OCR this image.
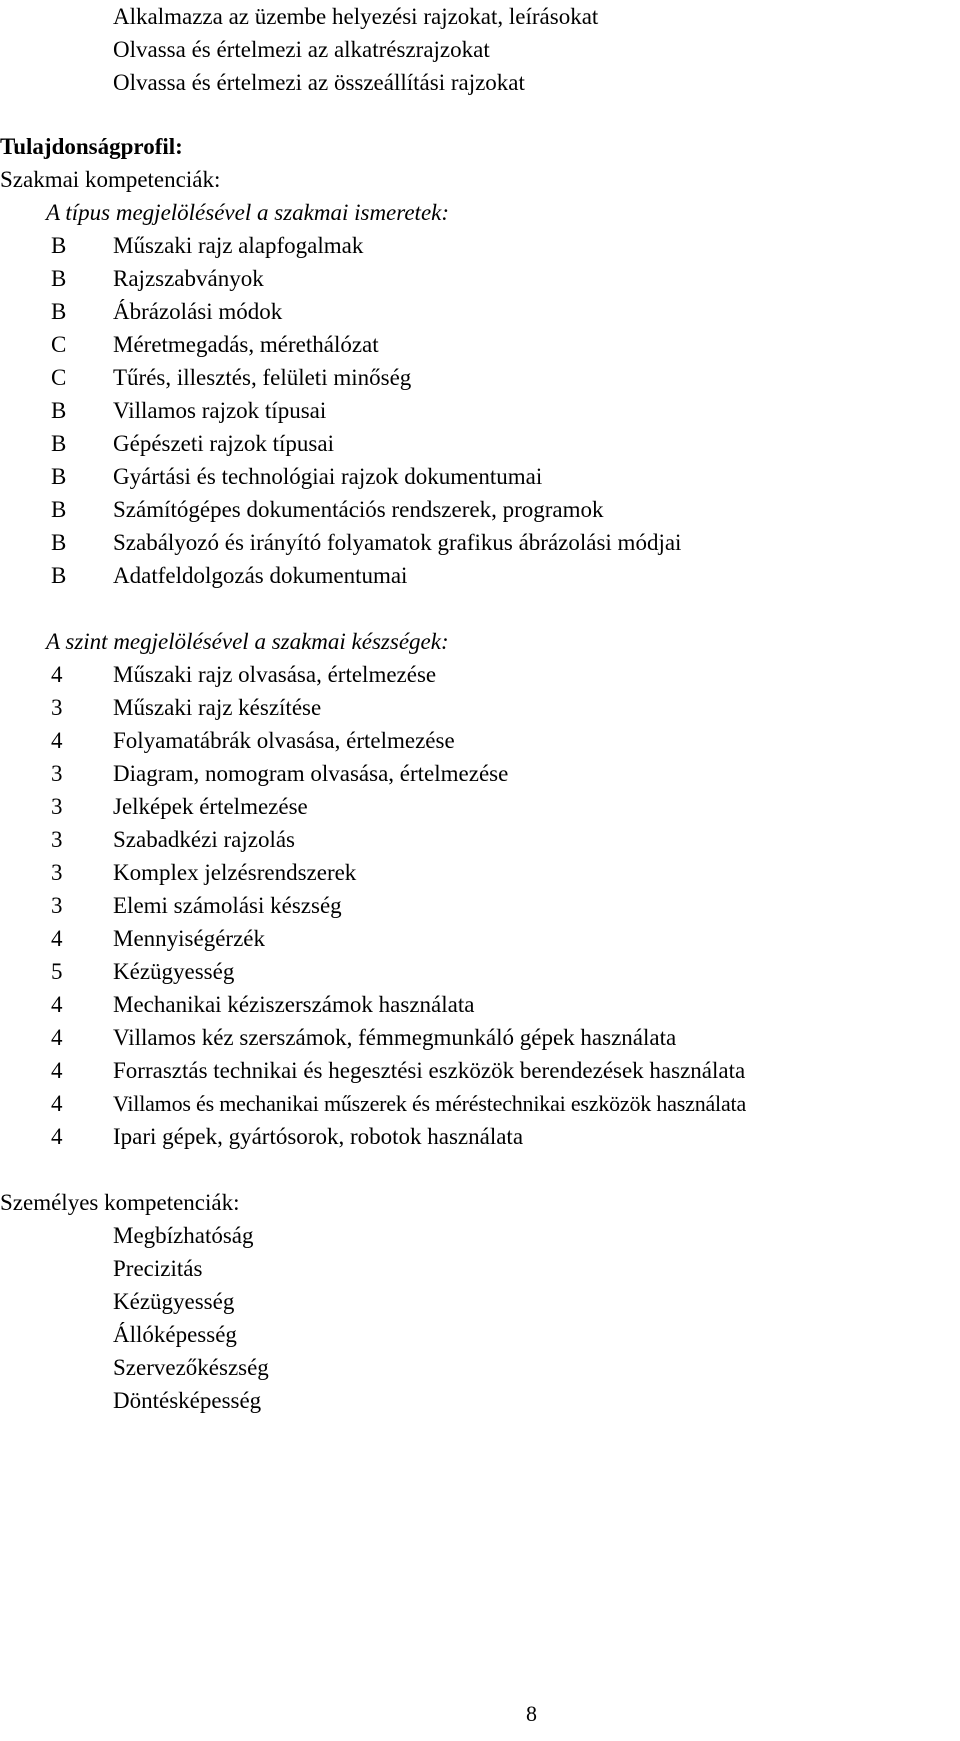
Alkalmazza az üzembe helyezési rajzokat, leírásokat
Olvassa és értelmezi az alkatrészrajzokat
Olvassa és értelmezi az összeállítási rajzokat
Tulajdonságprofil:
Szakmai kompetenciák:
A típus megjelölésével a szakmai ismeretek:
B	Műszaki rajz alapfogalmak
B	Rajzszabványok
B	Ábrázolási módok
C	Méretmegadás, mérethálózat
C	Tűrés, illesztés, felületi minőség
B	Villamos rajzok típusai
B	Gépészeti rajzok típusai
B	Gyártási és technológiai rajzok dokumentumai
B	Számítógépes dokumentációs rendszerek, programok
B	Szabályozó és irányító folyamatok grafikus ábrázolási módjai
B	Adatfeldolgozás dokumentumai
A szint megjelölésével a szakmai készségek:
4	Műszaki rajz olvasása, értelmezése
3	Műszaki rajz készítése
4	Folyamatábrák olvasása, értelmezése
3	Diagram, nomogram olvasása, értelmezése
3	Jelképek értelmezése
3	Szabadkézi rajzolás
3	Komplex jelzésrendszerek
3	Elemi számolási készség
4	Mennyiségérzék
5	Kézügyesség
4	Mechanikai kéziszerszámok használata
4	Villamos kéz szerszámok, fémmegmunkáló gépek használata
4	Forrasztás technikai és hegesztési eszközök berendezések használata
4	Villamos és mechanikai műszerek és méréstechnikai eszközök használata
4	Ipari gépek, gyártósorok, robotok használata
Személyes kompetenciák:
Megbízhatóság
Precizitás
Kézügyesség
Állóképesség
Szervezőkészség
Döntésképesség
8
